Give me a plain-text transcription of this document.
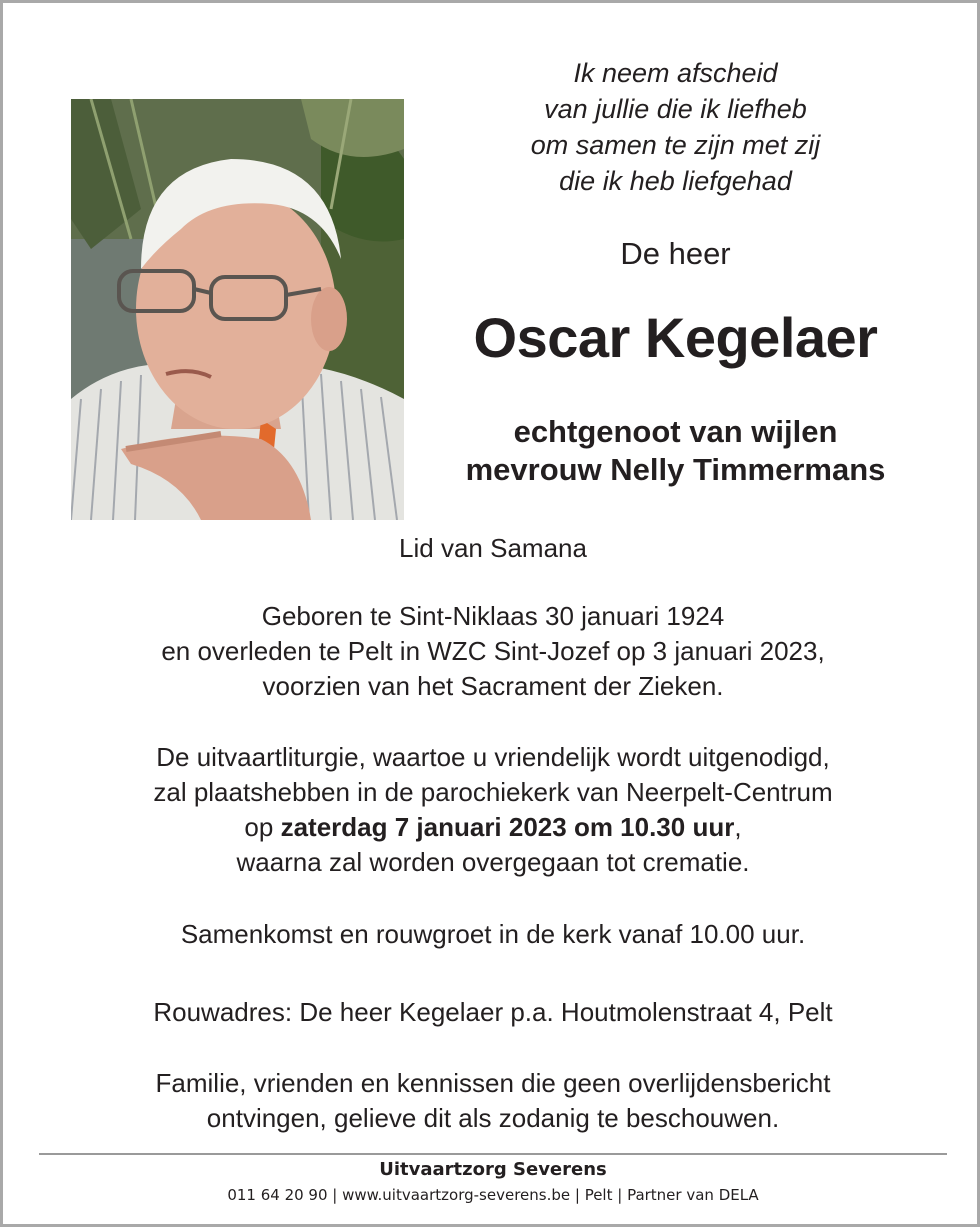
Ik neem afscheid
van jullie die ik liefheb
om samen te zijn met zij
die ik heb liefgehad
De heer
Oscar Kegelaer
echtgenoot van wijlen
mevrouw Nelly Timmermans
Lid van Samana
Geboren te Sint-Niklaas 30 januari 1924
en overleden te Pelt in WZC Sint-Jozef op 3 januari 2023,
voorzien van het Sacrament der Zieken.
De uitvaartliturgie, waartoe u vriendelijk wordt uitgenodigd,
zal plaatshebben in de parochiekerk van Neerpelt-Centrum
op zaterdag 7 januari 2023 om 10.30 uur,
waarna zal worden overgegaan tot crematie.
Samenkomst en rouwgroet in de kerk vanaf 10.00 uur.
Rouwadres: De heer Kegelaer p.a. Houtmolenstraat 4, Pelt
Familie, vrienden en kennissen die geen overlijdensbericht
ontvingen, gelieve dit als zodanig te beschouwen.
Uitvaartzorg Severens
011 64 20 90 | www.uitvaartzorg-severens.be | Pelt | Partner van DELA
